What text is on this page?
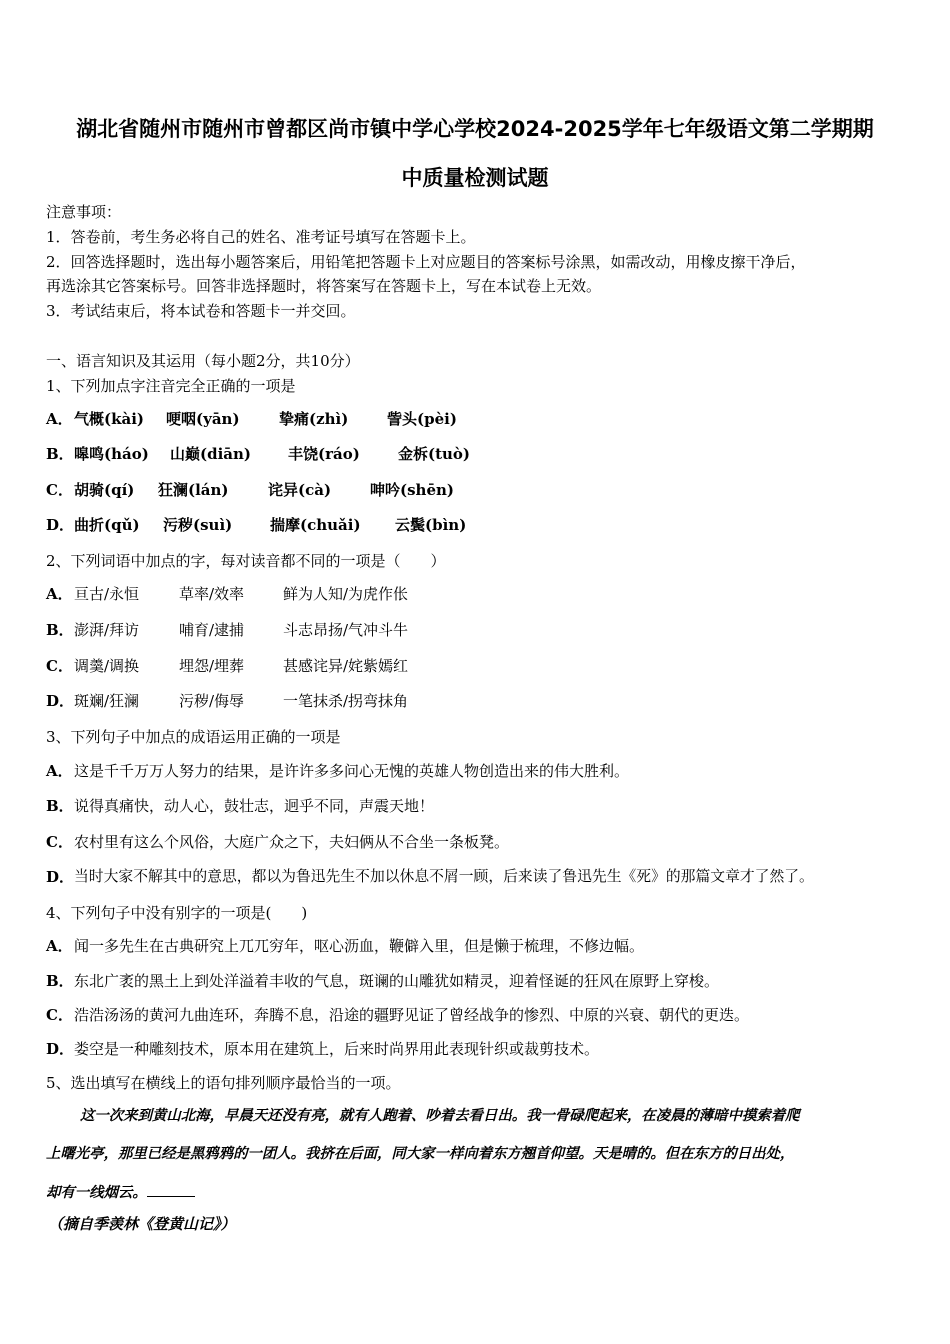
湖北省随州市随州市曾都区尚市镇中学心学校2024-2025学年七年级语文第二学期期
中质量检测试题
注意事项：
1．答卷前，考生务必将自己的姓名、准考证号填写在答题卡上。
2．回答选择题时，选出每小题答案后，用铅笔把答题卡上对应题目的答案标号涂黑，如需改动，用橡皮擦干净后，
再选涂其它答案标号。回答非选择题时，将答案写在答题卡上，写在本试卷上无效。
3．考试结束后，将本试卷和答题卡一并交回。
一、语言知识及其运用（每小题2分，共10分）
1、下列加点字注音完全正确的一项是
A． 气概(kài) 哽咽(yān)	挚痛(zhì)	訾头(pèi)
B． 嗥鸣(háo) 山巅(diān) 丰饶(ráo)	金柝(tuò)
C． 胡骑(qí) 狂澜(lán)	诧异(cà)	呻吟(shēn)
D． 曲折(qǔ) 污秽(suì)	揣摩(chuǎi) 云鬓(bìn)
2、下列词语中加点的字，每对读音都不同的一项是（　　）
A． 亘古/永恒	草率/效率	鲜为人知/为虎作伥
B． 澎湃/拜访	哺育/逮捕	斗志昂扬/气冲斗牛
C． 调羹/调换	埋怨/埋葬	甚感诧异/姹紫嫣红
D． 斑斓/狂澜	污秽/侮辱	一笔抹杀/拐弯抹角
3、下列句子中加点的成语运用正确的一项是
A． 这是千千万万人努力的结果，是许许多多问心无愧的英雄人物创造出来的伟大胜利。
B． 说得真痛快，动人心，鼓壮志，迥乎不同，声震天地！
C． 农村里有这么个风俗，大庭广众之下，夫妇俩从不合坐一条板凳。
D． 当时大家不解其中的意思，都以为鲁迅先生不加以休息不屑一顾，后来读了鲁迅先生《死》的那篇文章才了然了。
4、下列句子中没有别字的一项是(　　)
A． 闻一多先生在古典研究上兀兀穷年，呕心沥血，鞭僻入里，但是懒于梳理，不修边幅。
B． 东北广袤的黑土上到处洋溢着丰收的气息，斑谰的山雕犹如精灵，迎着怪诞的狂风在原野上穿梭。
C． 浩浩汤汤的黄河九曲连环，奔腾不息，沿途的疆野见证了曾经战争的惨烈、中原的兴衰、朝代的更迭。
D． 娄空是一种雕刻技术，原本用在建筑上，后来时尚界用此表现针织或裁剪技术。
5、选出填写在横线上的语句排列顺序最恰当的一项。
这一次来到黄山北海，早晨天还没有亮，就有人跑着、吵着去看日出。我一骨碌爬起来，在凌晨的薄暗中摸索着爬
上曙光亭，那里已经是黑鸦鸦的一团人。我挤在后面，同大家一样向着东方翘首仰望。天是晴的。但在东方的日出处，
却有一线烟云。
（摘自季羡林《登黄山记》）
